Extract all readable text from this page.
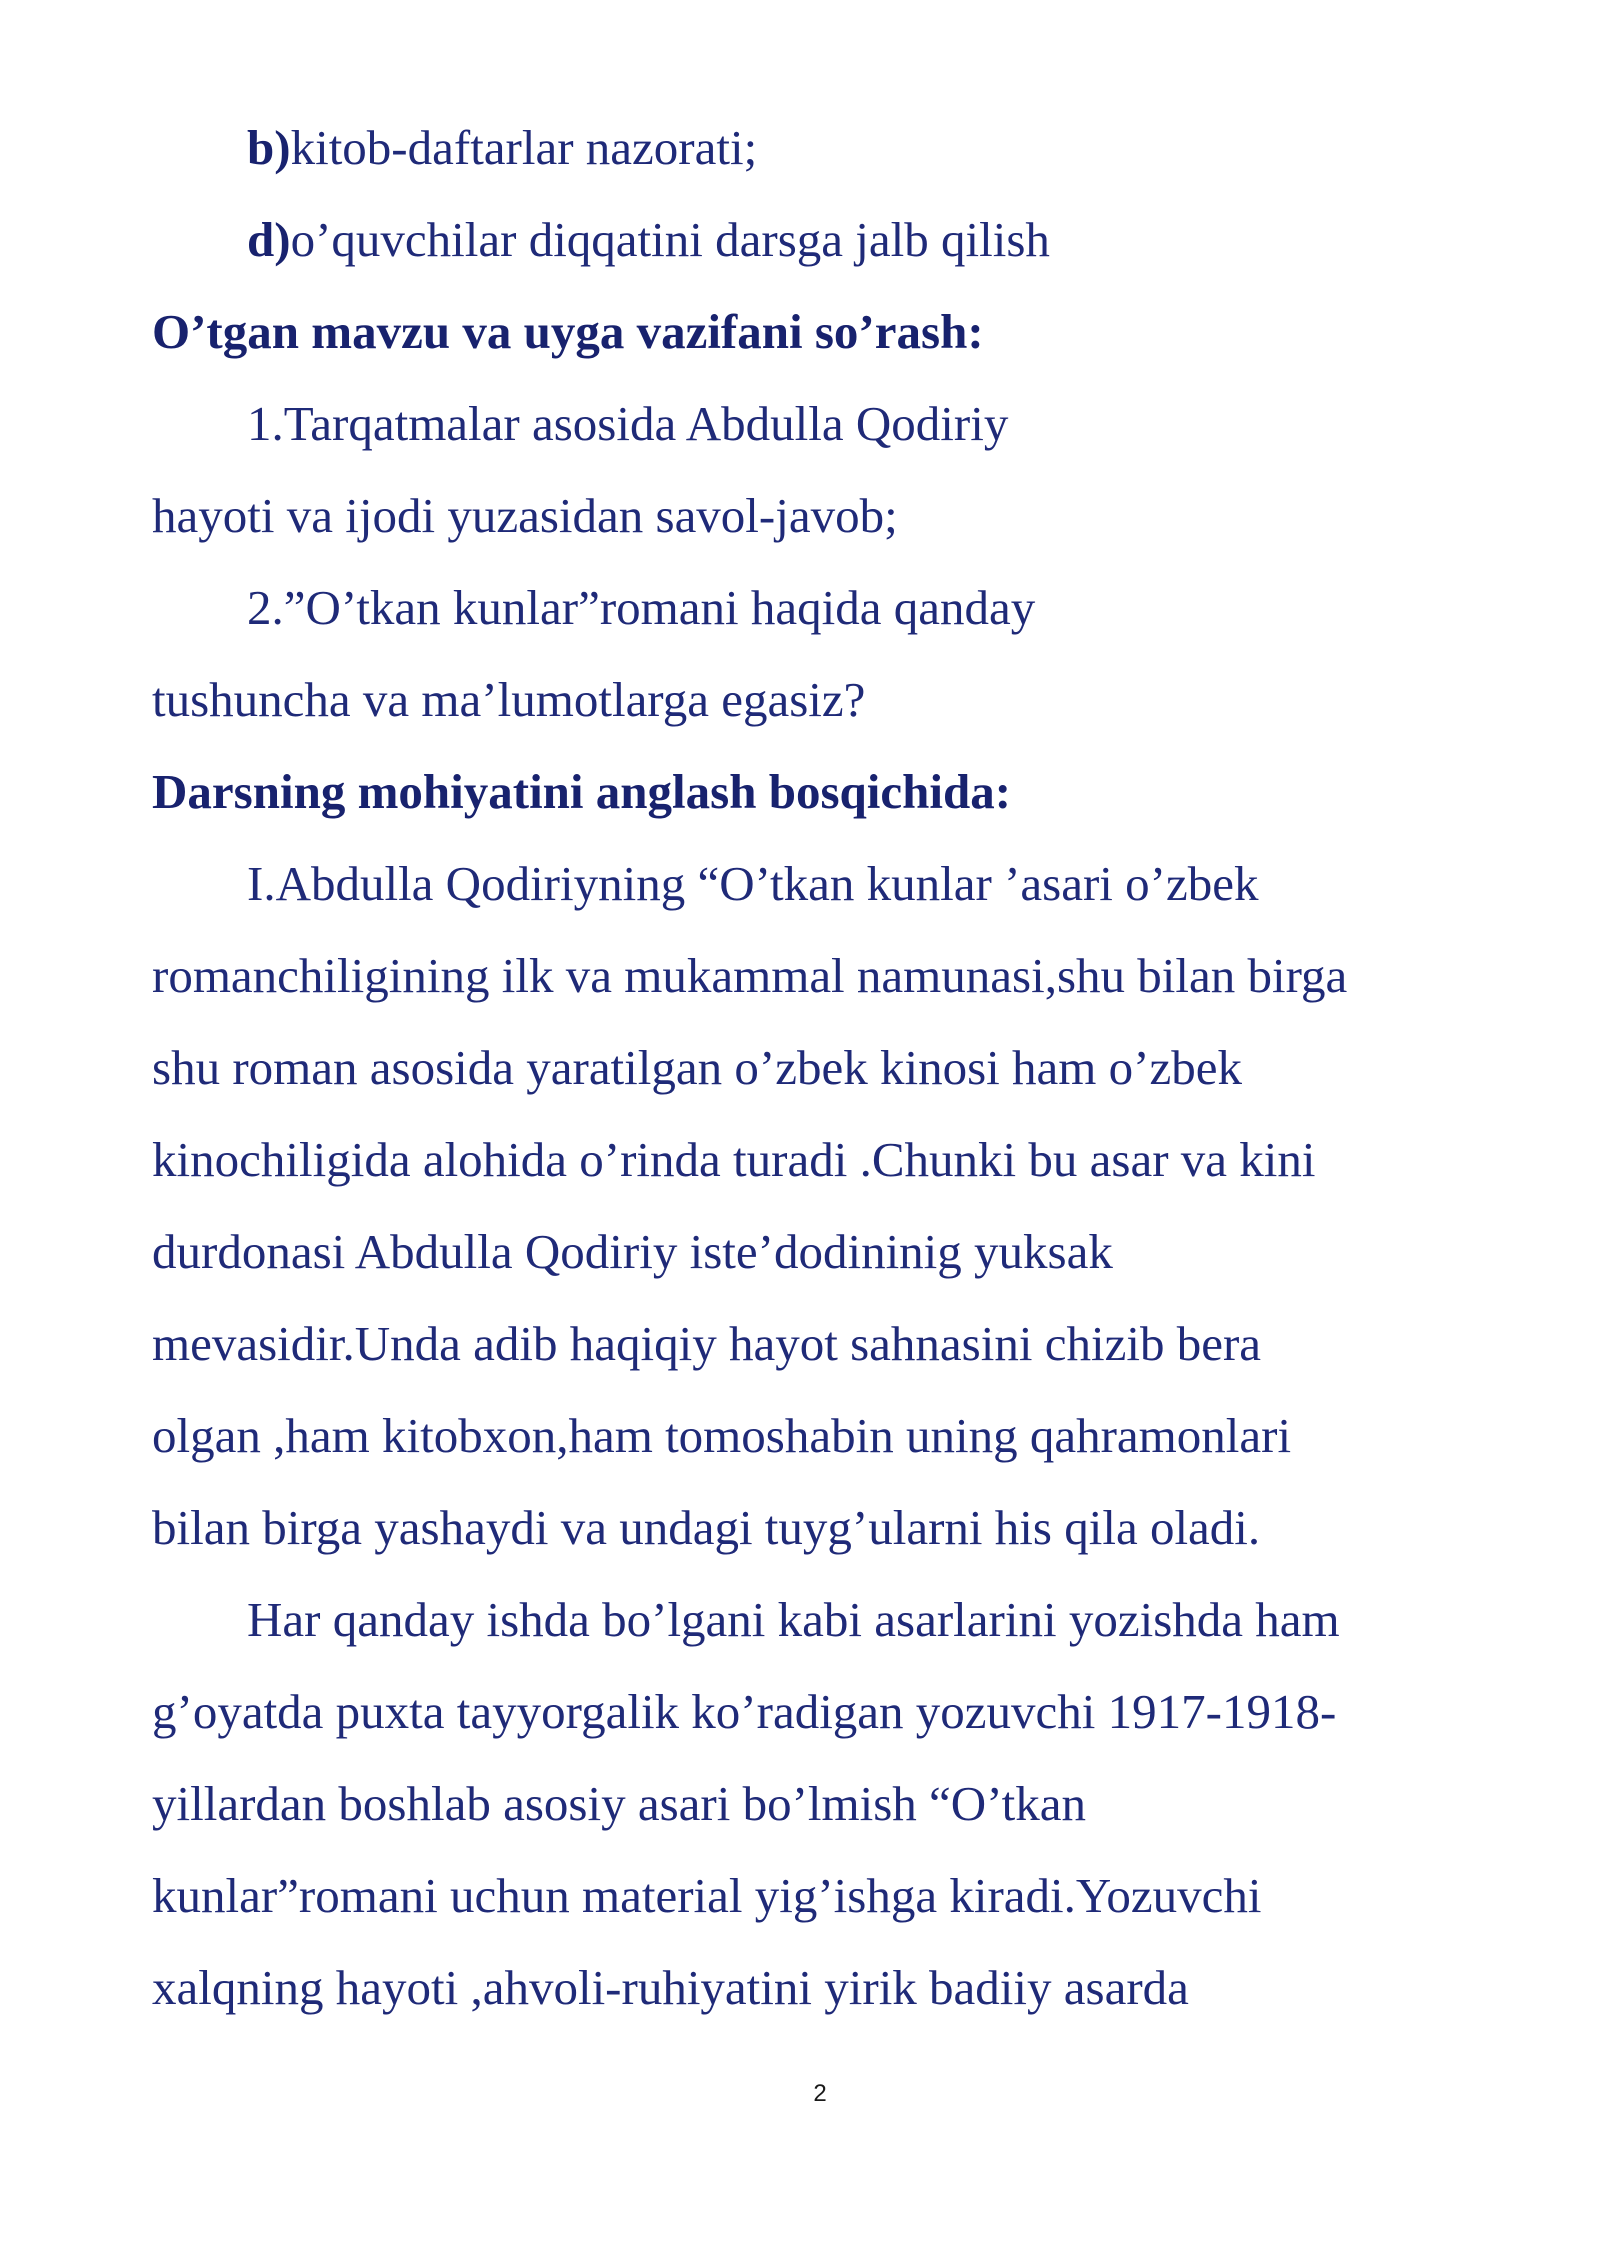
b)kitob-daftarlar nazorati;
d)o’quvchilar diqqatini darsga jalb qilish
O’tgan mavzu va uyga vazifani so’rash:
1.Tarqatmalar asosida Abdulla Qodiriy
hayoti va ijodi yuzasidan savol-javob;
2.”O’tkan kunlar”romani haqida qanday
tushuncha va ma’lumotlarga egasiz?
Darsning mohiyatini anglash bosqichida:
I.Abdulla Qodiriyning “O’tkan kunlar ’asari o’zbek
romanchiligining ilk va mukammal namunasi,shu bilan birga
shu roman asosida yaratilgan o’zbek kinosi ham o’zbek
kinochiligida alohida o’rinda turadi .Chunki bu asar va kini
durdonasi Abdulla Qodiriy iste’dodininig yuksak
mevasidir.Unda adib haqiqiy hayot sahnasini chizib bera
olgan ,ham kitobxon,ham tomoshabin uning qahramonlari
bilan birga yashaydi va undagi tuyg’ularni his qila oladi.
Har qanday ishda bo’lgani kabi asarlarini yozishda ham
g’oyatda puxta tayyorgalik ko’radigan yozuvchi 1917-1918-
yillardan boshlab asosiy asari bo’lmish “O’tkan
kunlar”romani uchun material yig’ishga kiradi.Yozuvchi
xalqning hayoti ,ahvoli-ruhiyatini yirik badiiy asarda
2
